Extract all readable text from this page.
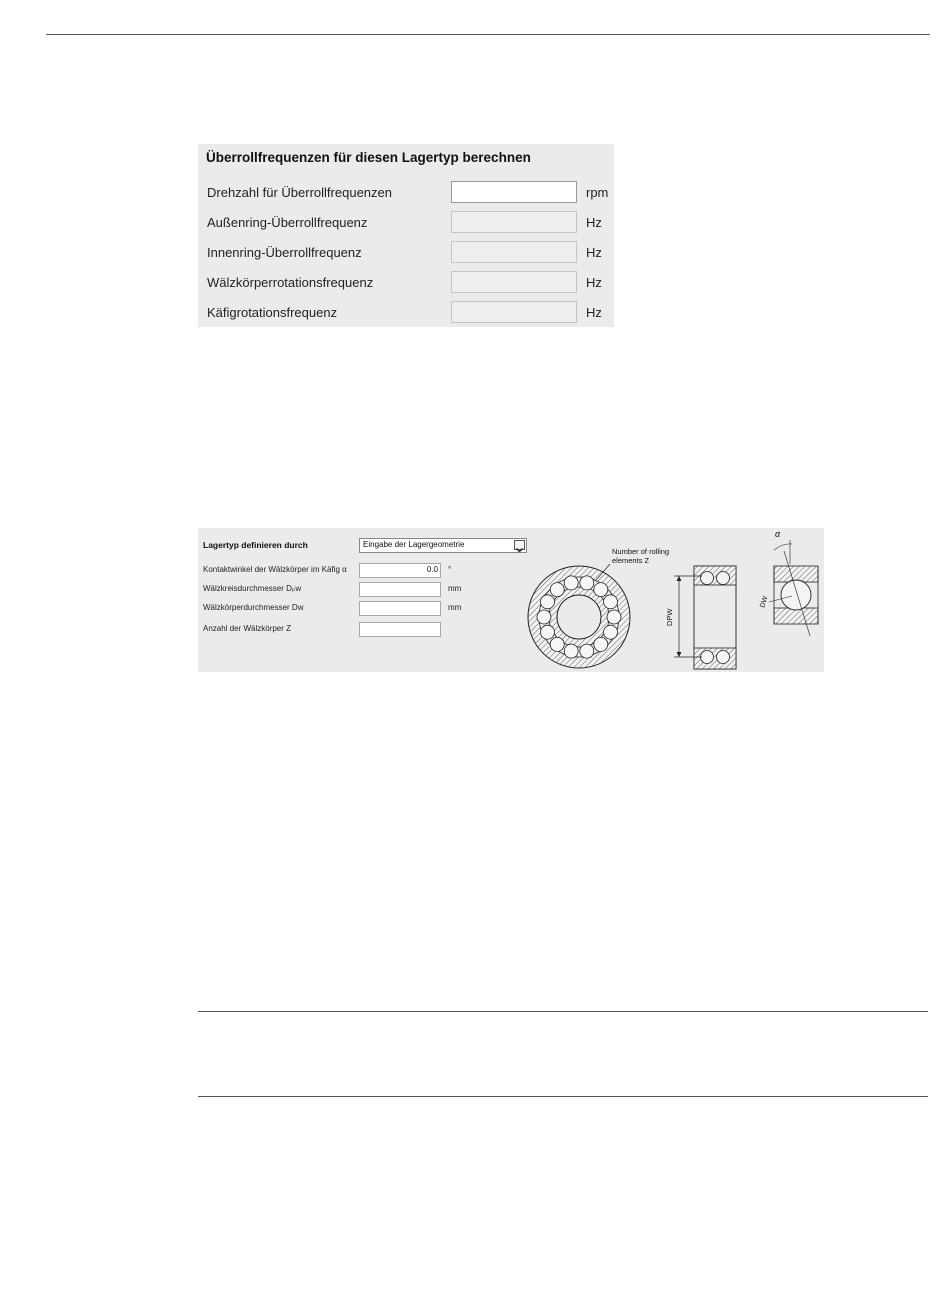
Überrollfrequenzen für diesen Lagertyp berechnen
Drehzahl für Überrollfrequenzen	rpm
Außenring-Überrollfrequenz	Hz
Innenring-Überrollfrequenz	Hz
Wälzkörperrotationsfrequenz	Hz
Käfigrotationsfrequenz	Hz
Lagertyp definieren durch	Eingabe der Lagergeometrie
Kontaktwinkel der Wälzkörper im Käfig α	0.0 °
Wälzkreisdurchmesser Dₚw	mm
Wälzkörperdurchmesser Dw	mm
Anzahl der Wälzkörper Z
Number of rolling
elements Z
DPW
α
DW
